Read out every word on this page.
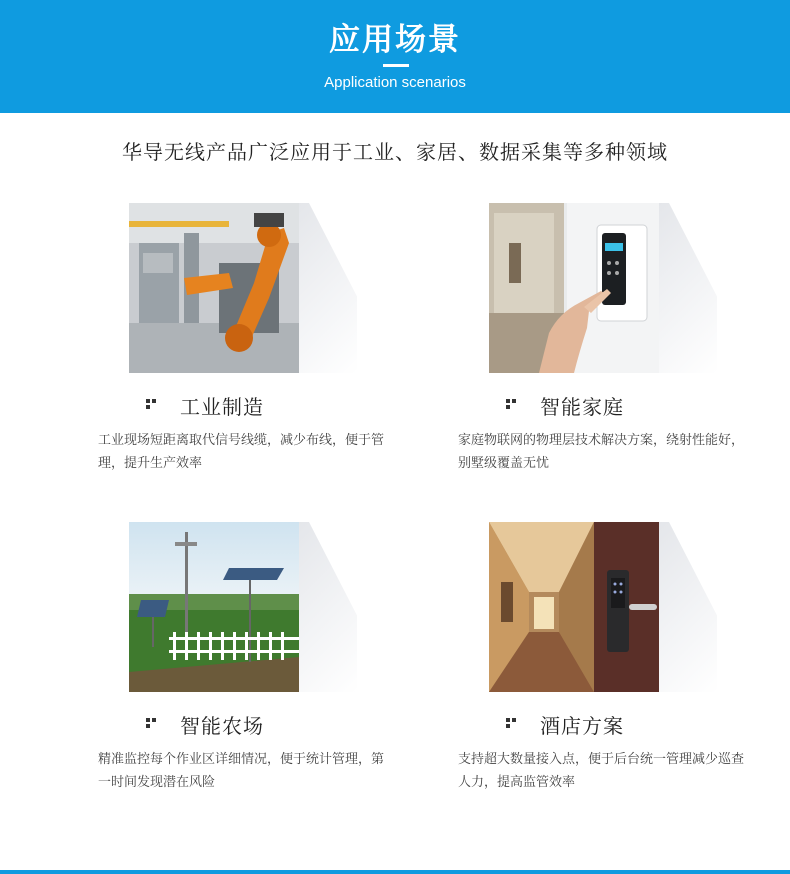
应用场景
Application scenarios
华导无线产品广泛应用于工业、家居、数据采集等多种领域
工业制造
工业现场短距离取代信号线缆，减少布线，便于管理，提升生产效率
智能家庭
家庭物联网的物理层技术解决方案，绕射性能好，别墅级覆盖无忧
智能农场
精准监控每个作业区详细情况，便于统计管理，第一时间发现潜在风险
酒店方案
支持超大数量接入点，便于后台统一管理减少巡查人力，提高监管效率
